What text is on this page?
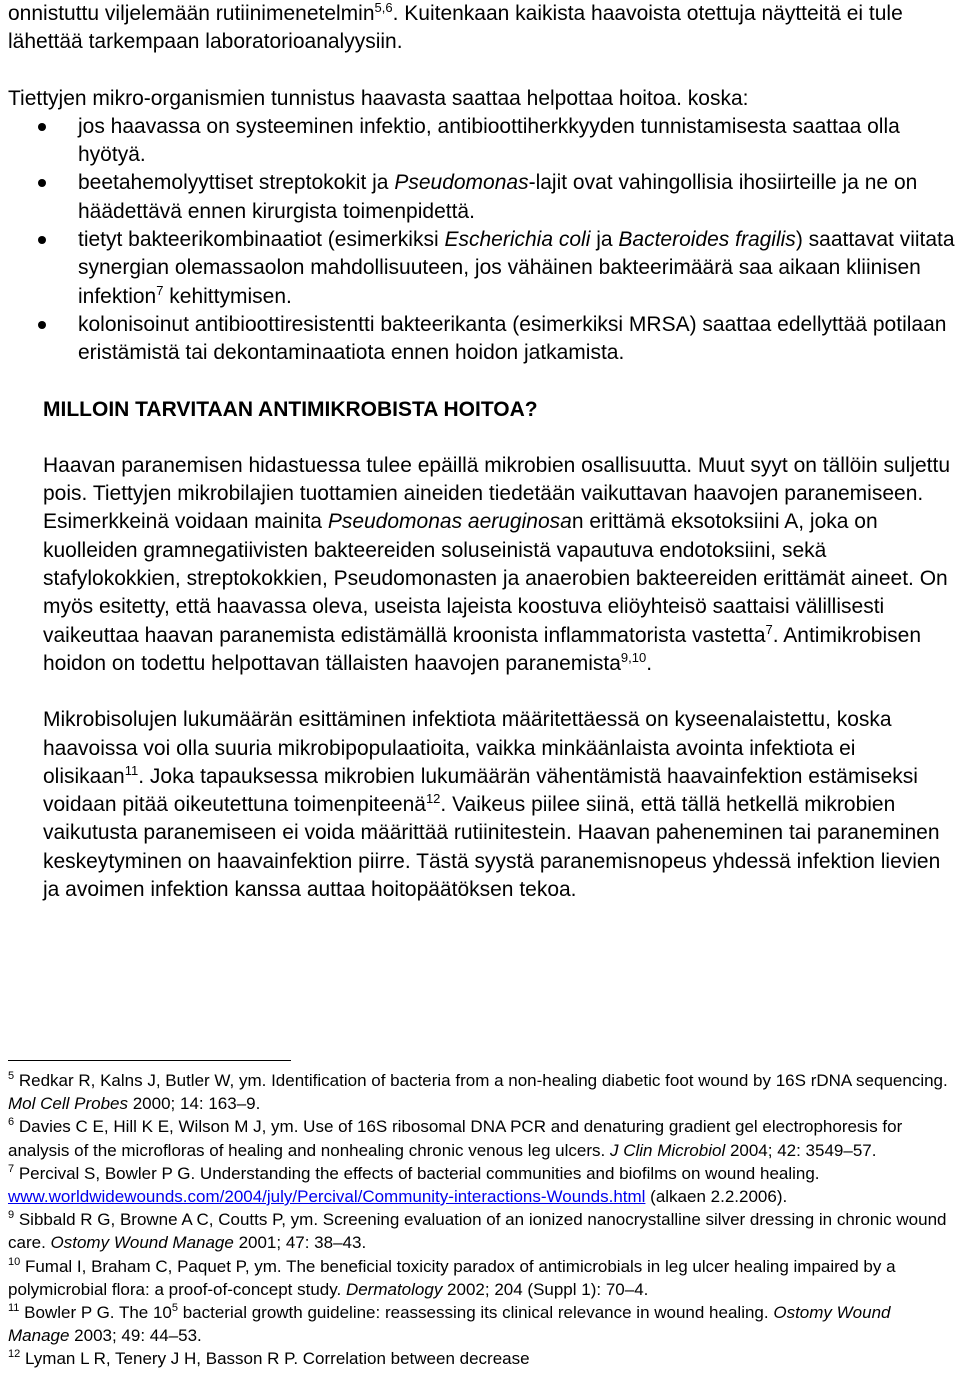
onnistuttu viljelemään rutiinimenetelmin$^{5,6}$. Kuitenkaan kaikista haavoista otettuja näytteitä ei tule lähettää tarkempaan laboratorioanalyysiin.

Tiettyjen mikro-organismien tunnistus haavasta saattaa helpottaa hoitoa. koska:

jos haavassa on systeeminen infektio, antibioottiherkkyyden tunnistamisesta saattaa olla hyötyä.
beetahemolyyttiset streptokokit ja Pseudomonas-lajit ovat vahingollisia ihosiirteille ja ne on häädettävä ennen kirurgista toimenpidettä.
tietyt bakteerikombinaatiot (esimerkiksi Escherichia coli ja Bacteroides fragilis) saattavat viitata synergian olemassaolon mahdollisuuteen, jos vähäinen bakteerimäärä saa aikaan kliinisen infektion$^7$ kehittymisen.
kolonisoinut antibioottiresistentti bakteerikanta (esimerkiksi MRSA) saattaa edellyttää potilaan eristämistä tai dekontaminaatiota ennen hoidon jatkamista.

MILLOIN TARVITAAN ANTIMIKROBISTA HOITOA?

Haavan paranemisen hidastuessa tulee epäillä mikrobien osallisuutta. Muut syyt on tällöin suljettu pois. Tiettyjen mikrobilajien tuottamien aineiden tiedetään vaikuttavan haavojen paranemiseen. Esimerkkeinä voidaan mainita Pseudomonas aeruginosan erittämä eksotoksiini A, joka on kuolleiden gramnegatiivisten bakteereiden soluseinistä vapautuva endotoksiini, sekä stafylokokkien, streptokokkien, Pseudomonasten ja anaerobien bakteereiden erittämät aineet. On myös esitetty, että haavassa oleva, useista lajeista koostuva eliöyhteisö saattaisi välillisesti vaikeuttaa haavan paranemista edistämällä kroonista inflammatorista vastetta$^7$. Antimikrobisen hoidon on todettu helpottavan tällaisten haavojen paranemista$^{9,10}$.

Mikrobisolujen lukumäärän esittäminen infektiota määritettäessä on kyseenalaistettu, koska haavoissa voi olla suuria mikrobipopulaatioita, vaikka minkäänlaista avointa infektiota ei olisikaan$^{11}$. Joka tapauksessa mikrobien lukumäärän vähentämistä haavainfektion estämiseksi voidaan pitää oikeutettuna toimenpiteenä$^{12}$. Vaikeus piilee siinä, että tällä hetkellä mikrobien vaikutusta paranemiseen ei voida määrittää rutiinitestein. Haavan paheneminen tai paraneminen keskeytyminen on haavainfektion piirre. Tästä syystä paranemisnopeus yhdessä infektion lievien ja avoimen infektion kanssa auttaa hoitopäätöksen tekoa.

$^5$ Redkar R, Kalns J, Butler W, ym. Identification of bacteria from a non-healing diabetic foot wound by 16S rDNA sequencing. Mol Cell Probes 2000; 14: 163–9.
$^6$ Davies C E, Hill K E, Wilson M J, ym. Use of 16S ribosomal DNA PCR and denaturing gradient gel electrophoresis for analysis of the microfloras of healing and nonhealing chronic venous leg ulcers. J Clin Microbiol 2004; 42: 3549–57.
$^7$ Percival S, Bowler P G. Understanding the effects of bacterial communities and biofilms on wound healing. www.worldwidewounds.com/2004/july/Percival/Community-interactions-Wounds.html (alkaen 2.2.2006).
$^9$ Sibbald R G, Browne A C, Coutts P, ym. Screening evaluation of an ionized nanocrystalline silver dressing in chronic wound care. Ostomy Wound Manage 2001; 47: 38–43.
$^{10}$ Fumal I, Braham C, Paquet P, ym. The beneficial toxicity paradox of antimicrobials in leg ulcer healing impaired by a polymicrobial flora: a proof-of-concept study. Dermatology 2002; 204 (Suppl 1): 70–4.
$^{11}$ Bowler P G. The $10^5$ bacterial growth guideline: reassessing its clinical relevance in wound healing. Ostomy Wound Manage 2003; 49: 44–53.
$^{12}$ Lyman L R, Tenery J H, Basson R P. Correlation between decrease
